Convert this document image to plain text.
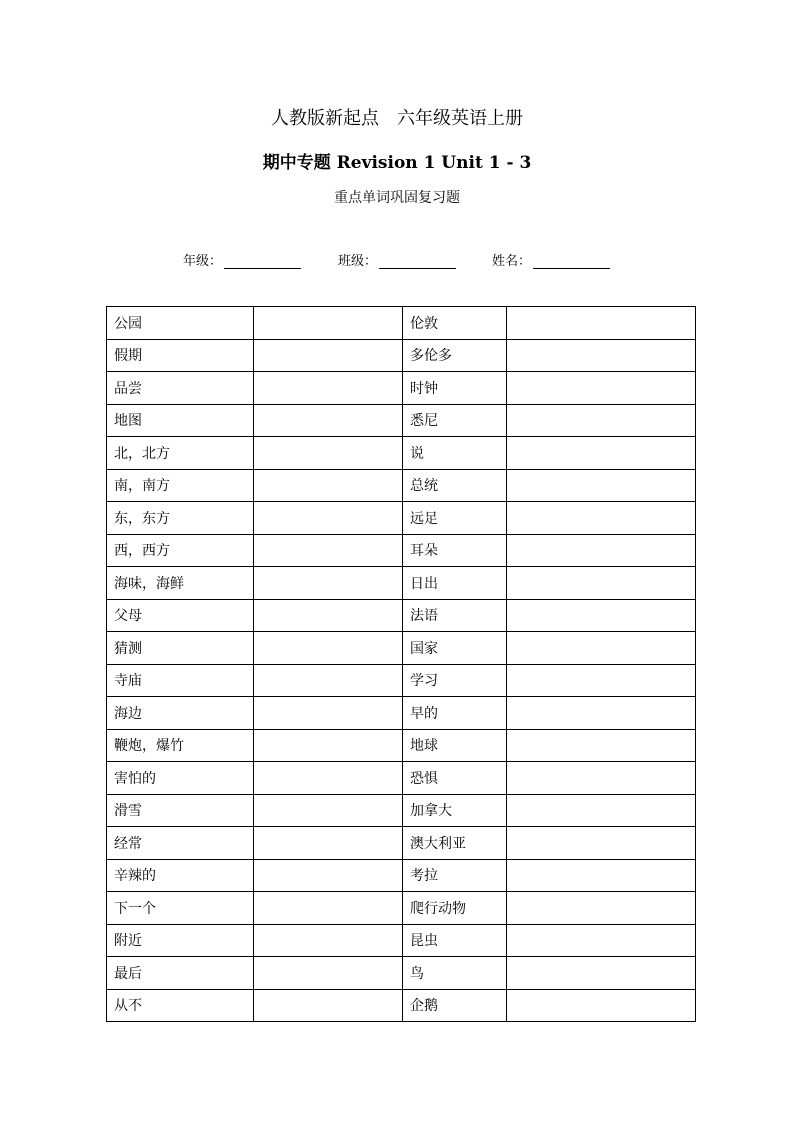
人教版新起点　六年级英语上册
期中专题 Revision 1 Unit 1 - 3
重点单词巩固复习题
年级：	班级：	姓名：
公园		伦敦	
假期		多伦多	
品尝		时钟	
地图		悉尼	
北，北方		说	
南，南方		总统	
东，东方		远足	
西，西方		耳朵	
海味，海鲜		日出	
父母		法语	
猜测		国家	
寺庙		学习	
海边		早的	
鞭炮，爆竹		地球	
害怕的		恐惧	
滑雪		加拿大	
经常		澳大利亚	
辛辣的		考拉	
下一个		爬行动物	
附近		昆虫	
最后		鸟	
从不		企鹅	
